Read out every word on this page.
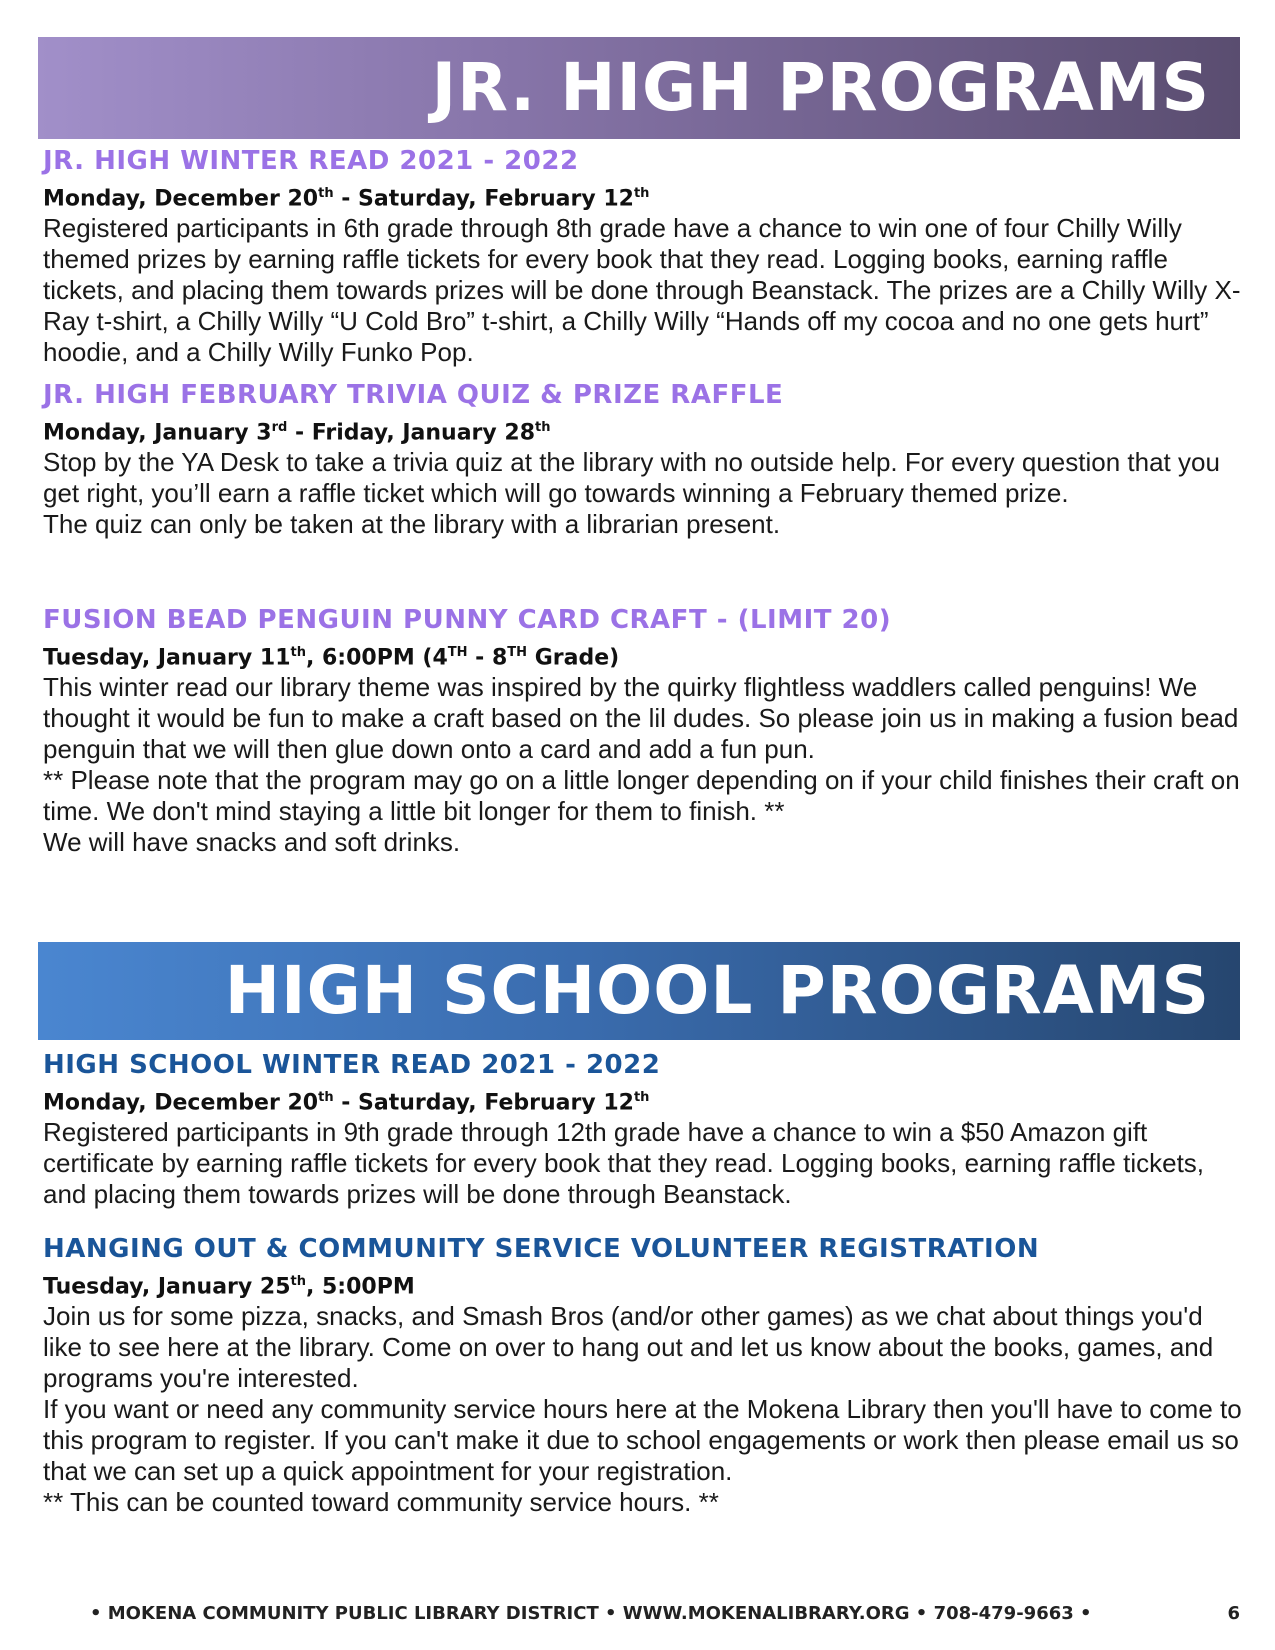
JR. HIGH PROGRAMS
JR. HIGH WINTER READ 2021 - 2022
Monday, December 20th - Saturday, February 12th

Registered participants in 6th grade through 8th grade have a chance to win one of four Chilly Willy themed prizes by earning raffle tickets for every book that they read. Logging books, earning raffle tickets, and placing them towards prizes will be done through Beanstack. The prizes are a Chilly Willy X-Ray t-shirt, a Chilly Willy “U Cold Bro” t-shirt, a Chilly Willy “Hands off my cocoa and no one gets hurt” hoodie, and a Chilly Willy Funko Pop.

JR. HIGH FEBRUARY TRIVIA QUIZ & PRIZE RAFFLE
Monday, January 3rd - Friday, January 28th

Stop by the YA Desk to take a trivia quiz at the library with no outside help. For every question that you get right, you’ll earn a raffle ticket which will go towards winning a February themed prize.

The quiz can only be taken at the library with a librarian present.

FUSION BEAD PENGUIN PUNNY CARD CRAFT - (LIMIT 20)
Tuesday, January 11th, 6:00PM (4TH - 8TH Grade)

This winter read our library theme was inspired by the quirky flightless waddlers called penguins! We thought it would be fun to make a craft based on the lil dudes. So please join us in making a fusion bead penguin that we will then glue down onto a card and add a fun pun.

** Please note that the program may go on a little longer depending on if your child finishes their craft on time. We don't mind staying a little bit longer for them to finish. **

We will have snacks and soft drinks.

HIGH SCHOOL PROGRAMS
HIGH SCHOOL WINTER READ 2021 - 2022
Monday, December 20th - Saturday, February 12th

Registered participants in 9th grade through 12th grade have a chance to win a $50 Amazon gift certificate by earning raffle tickets for every book that they read. Logging books, earning raffle tickets, and placing them towards prizes will be done through Beanstack.

HANGING OUT & COMMUNITY SERVICE VOLUNTEER REGISTRATION
Tuesday, January 25th, 5:00PM

Join us for some pizza, snacks, and Smash Bros (and/or other games) as we chat about things you'd like to see here at the library. Come on over to hang out and let us know about the books, games, and programs you're interested.

If you want or need any community service hours here at the Mokena Library then you'll have to come to this program to register. If you can't make it due to school engagements or work then please email us so that we can set up a quick appointment for your registration.

** This can be counted toward community service hours. **

• MOKENA COMMUNITY PUBLIC LIBRARY DISTRICT • WWW.MOKENALIBRARY.ORG • 708-479-9663 •	6
